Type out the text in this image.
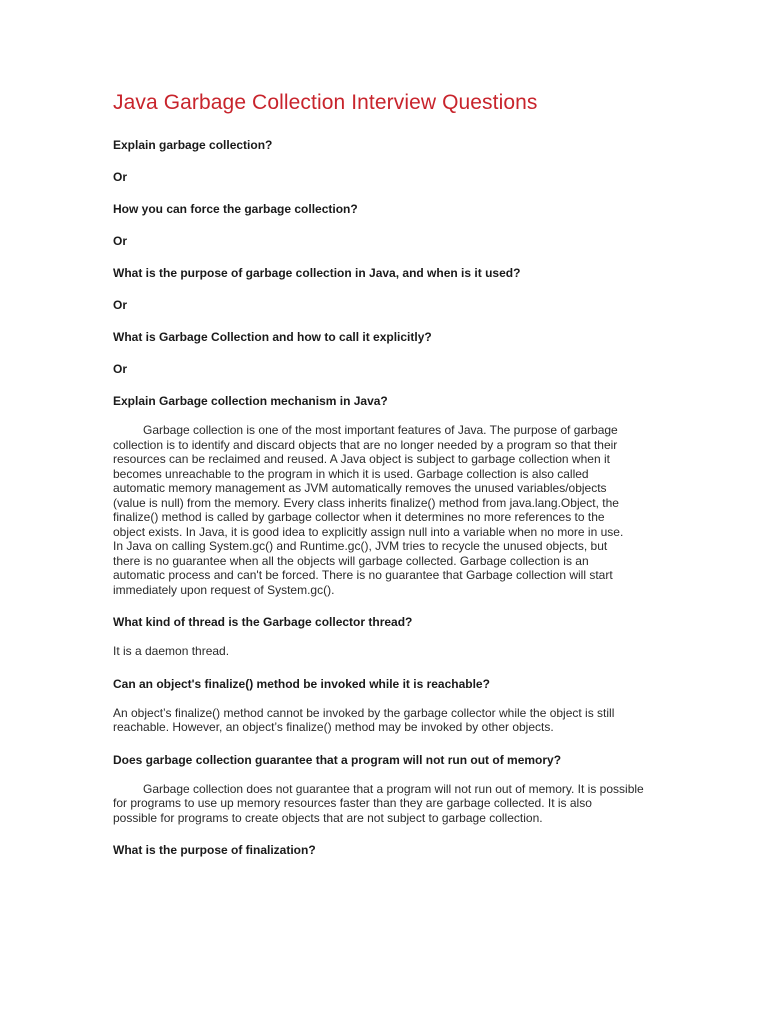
Java Garbage Collection Interview Questions
Explain garbage collection?
Or
How you can force the garbage collection?
Or
What is the purpose of garbage collection in Java, and when is it used?
Or
What is Garbage Collection and how to call it explicitly?
Or
Explain Garbage collection mechanism in Java?
Garbage collection is one of the most important features of Java. The purpose of garbage
collection is to identify and discard objects that are no longer needed by a program so that their
resources can be reclaimed and reused. A Java object is subject to garbage collection when it
becomes unreachable to the program in which it is used. Garbage collection is also called
automatic memory management as JVM automatically removes the unused variables/objects
(value is null) from the memory. Every class inherits finalize() method from java.lang.Object, the
finalize() method is called by garbage collector when it determines no more references to the
object exists. In Java, it is good idea to explicitly assign null into a variable when no more in use.
In Java on calling System.gc() and Runtime.gc(), JVM tries to recycle the unused objects, but
there is no guarantee when all the objects will garbage collected. Garbage collection is an
automatic process and can't be forced. There is no guarantee that Garbage collection will start
immediately upon request of System.gc().
What kind of thread is the Garbage collector thread?
It is a daemon thread.
Can an object's finalize() method be invoked while it is reachable?
An object’s finalize() method cannot be invoked by the garbage collector while the object is still
reachable. However, an object’s finalize() method may be invoked by other objects.
Does garbage collection guarantee that a program will not run out of memory?
Garbage collection does not guarantee that a program will not run out of memory. It is possible
for programs to use up memory resources faster than they are garbage collected. It is also
possible for programs to create objects that are not subject to garbage collection.
What is the purpose of finalization?
